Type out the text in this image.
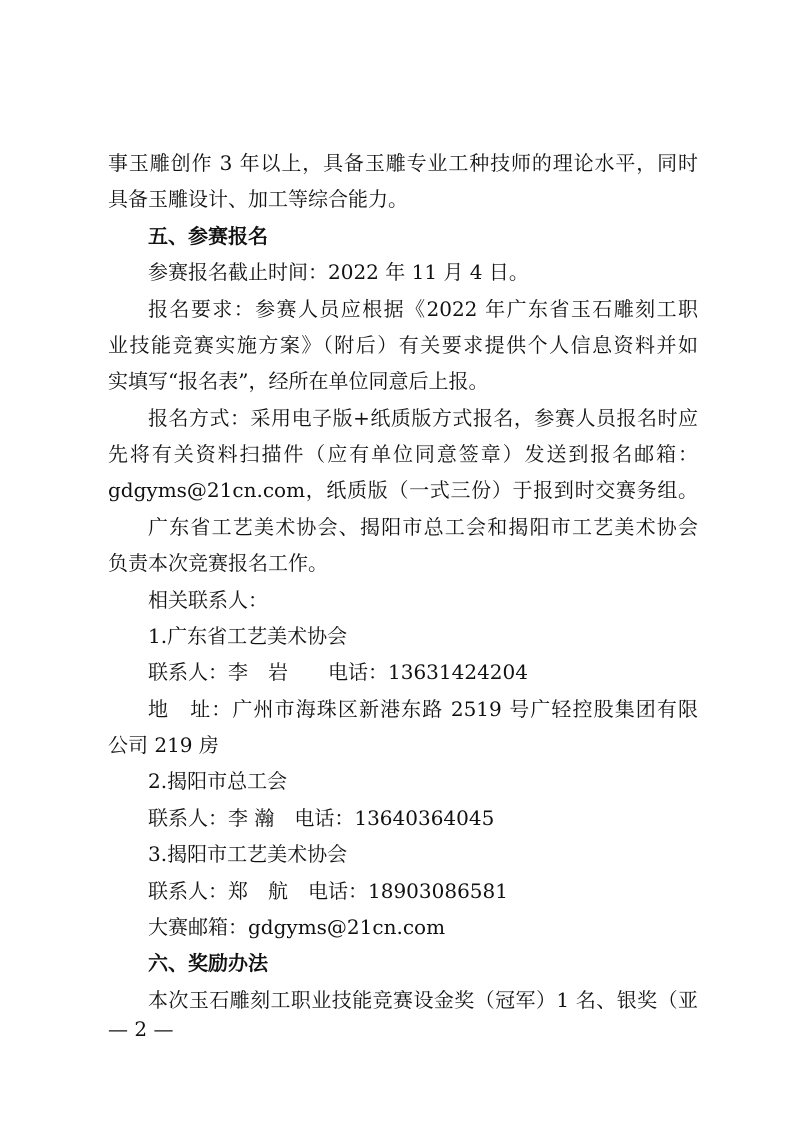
事玉雕创作 3 年以上，具备玉雕专业工种技师的理论水平，同时
具备玉雕设计、加工等综合能力。
五、参赛报名
参赛报名截止时间：2022 年 11 月 4 日。
报名要求：参赛人员应根据《2022 年广东省玉石雕刻工职
业技能竞赛实施方案》（附后）有关要求提供个人信息资料并如
实填写“报名表”，经所在单位同意后上报。
报名方式：采用电子版+纸质版方式报名，参赛人员报名时应
先将有关资料扫描件（应有单位同意签章）发送到报名邮箱：
gdgyms@21cn.com，纸质版（一式三份）于报到时交赛务组。
广东省工艺美术协会、揭阳市总工会和揭阳市工艺美术协会
负责本次竞赛报名工作。
相关联系人：
1.广东省工艺美术协会
联系人：李　岩　　电话：13631424204
地　址：广州市海珠区新港东路 2519 号广轻控股集团有限
公司 219 房
2.揭阳市总工会
联系人：李 瀚　电话：13640364045
3.揭阳市工艺美术协会
联系人：郑　航　电话：18903086581
大赛邮箱：gdgyms@21cn.com
六、奖励办法
本次玉石雕刻工职业技能竞赛设金奖（冠军）1 名、银奖（亚
— 2 —
